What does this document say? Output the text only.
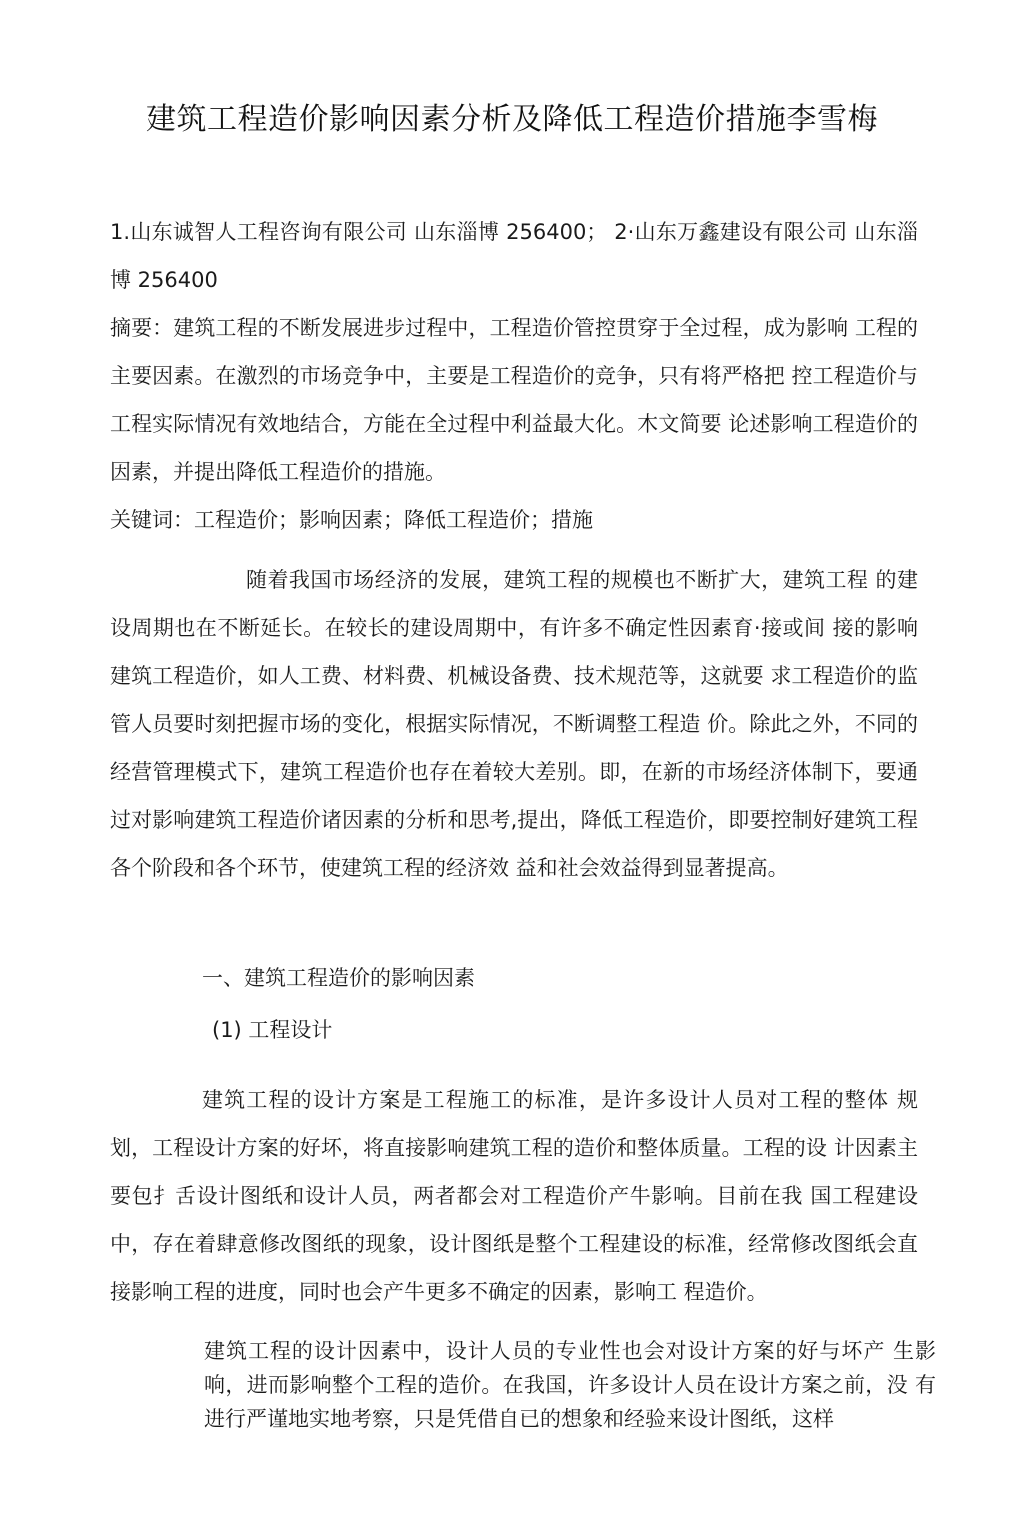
建筑工程造价影响因素分析及降低工程造价措施李雪梅

1.山东诚智人工程咨询有限公司 山东淄博 256400； 2·山东万鑫建设有限公司 山东淄博 256400

摘要：建筑工程的不断发展进步过程中，工程造价管控贯穿于全过程，成为影响 工程的主要因素。在激烈的市场竞争中，主要是工程造价的竞争，只有将严格把 控工程造价与工程实际情况有效地结合，方能在全过程中利益最大化。木文简要 论述影响工程造价的因素，并提出降低工程造价的措施。

关键词：工程造价；影响因素；降低工程造价；措施

随着我国市场经济的发展，建筑工程的规模也不断扩大，建筑工程 的建设周期也在不断延长。在较长的建设周期中，有许多不确定性因素育·接或间 接的影响建筑工程造价，如人工费、材料费、机械设备费、技术规范等，这就要 求工程造价的监管人员要时刻把握市场的变化，根据实际情况，不断调整工程造 价。除此之外，不同的经营管理模式下，建筑工程造价也存在着较大差别。即，在新的市场经济体制下，要通过对影响建筑工程造价诸因素的分析和思考,提出，降低工程造价，即要控制好建筑工程各个阶段和各个环节，使建筑工程的经济效 益和社会效益得到显著提高。

一、建筑工程造价的影响因素
(1) 工程设计

建筑工程的设计方案是工程施工的标准，是许多设计人员对工程的整体 规划，工程设计方案的好坏，将直接影响建筑工程的造价和整体质量。工程的设 计因素主要包扌舌设计图纸和设计人员，两者都会对工程造价产牛影响。目前在我 国工程建设中，存在着肆意修改图纸的现象，设计图纸是整个工程建设的标准，经常修改图纸会直接影响工程的进度，同时也会产牛更多不确定的因素，影响工 程造价。

建筑工程的设计因素中，设计人员的专业性也会对设计方案的好与坏产 生影响，进而影响整个工程的造价。在我国，许多设计人员在设计方案之前，没 有进行严谨地实地考察，只是凭借自已的想象和经验来设计图纸，这样
